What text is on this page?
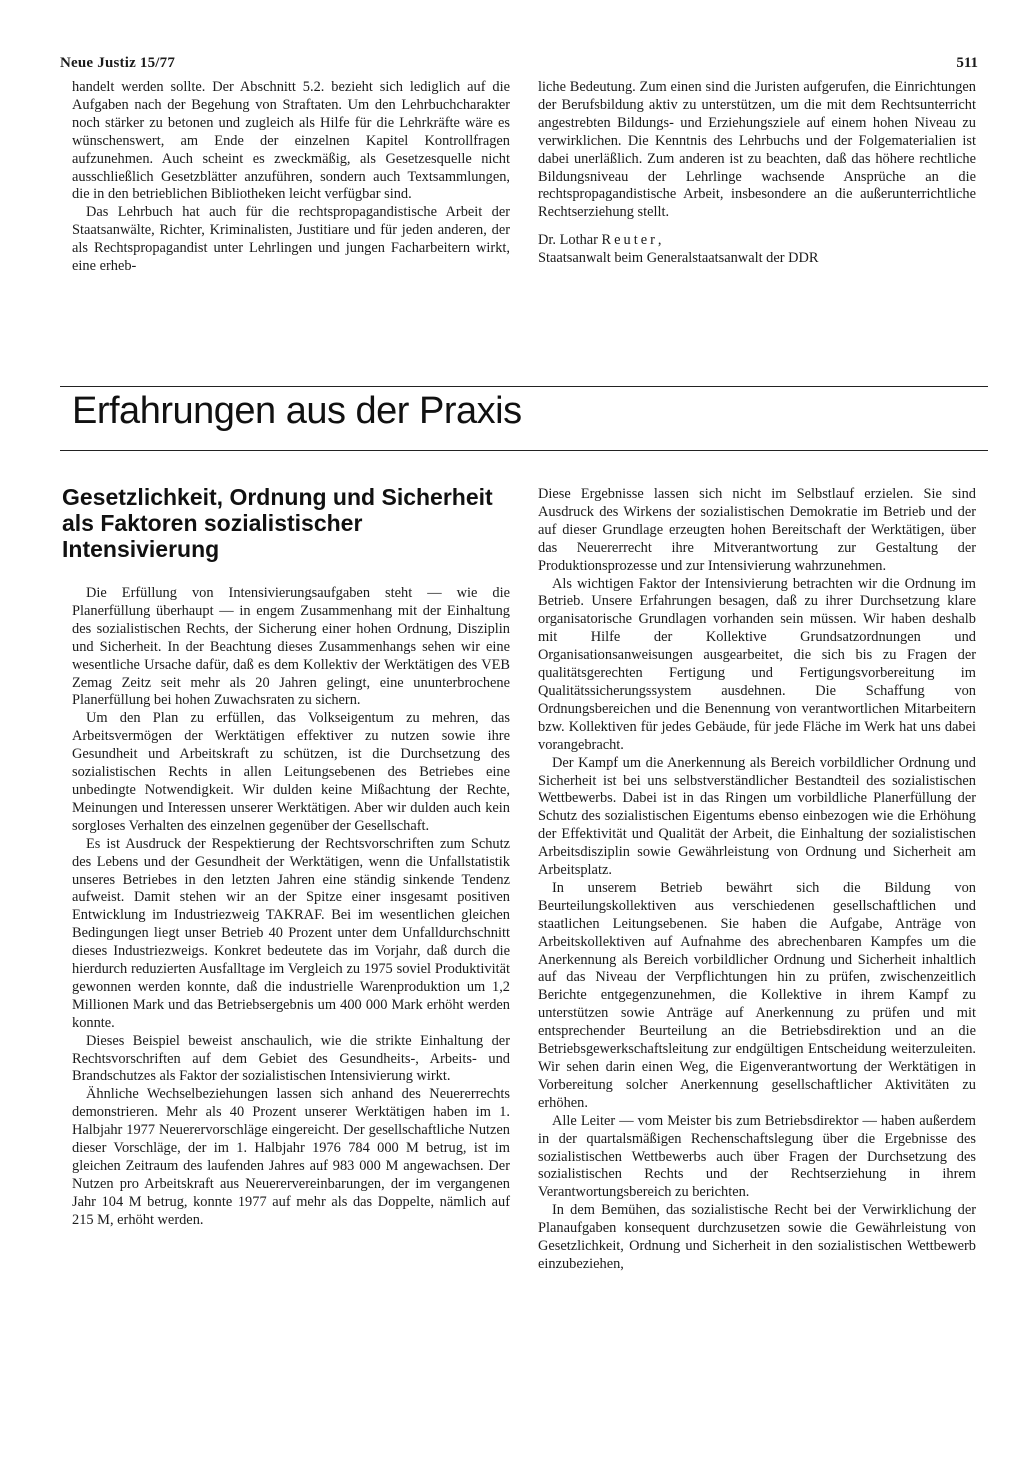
Neue Justiz 15/77	511

handelt werden sollte. Der Abschnitt 5.2. bezieht sich lediglich auf die Aufgaben nach der Begehung von Straftaten. Um den Lehrbuchcharakter noch stärker zu betonen und zugleich als Hilfe für die Lehrkräfte wäre es wünschenswert, am Ende der einzelnen Kapitel Kontrollfragen aufzunehmen. Auch scheint es zweckmäßig, als Gesetzesquelle nicht ausschließlich Gesetzblätter anzuführen, sondern auch Textsammlungen, die in den betrieblichen Bibliotheken leicht verfügbar sind.

Das Lehrbuch hat auch für die rechtspropagandistische Arbeit der Staatsanwälte, Richter, Kriminalisten, Justitiare und für jeden anderen, der als Rechtspropagandist unter Lehrlingen und jungen Facharbeitern wirkt, eine erheb-

liche Bedeutung. Zum einen sind die Juristen aufgerufen, die Einrichtungen der Berufsbildung aktiv zu unterstützen, um die mit dem Rechtsunterricht angestrebten Bildungs- und Erziehungsziele auf einem hohen Niveau zu verwirklichen. Die Kenntnis des Lehrbuchs und der Folgematerialien ist dabei unerläßlich. Zum anderen ist zu beachten, daß das höhere rechtliche Bildungsniveau der Lehrlinge wachsende Ansprüche an die rechtspropagandistische Arbeit, insbesondere an die außerunterrichtliche Rechtserziehung stellt.

Dr. Lothar Reuter,
Staatsanwalt beim Generalstaatsanwalt der DDR
Erfahrungen aus der Praxis
Gesetzlichkeit, Ordnung und Sicherheit
als Faktoren sozialistischer
Intensivierung

Die Erfüllung von Intensivierungsaufgaben steht — wie die Planerfüllung überhaupt — in engem Zusammenhang mit der Einhaltung des sozialistischen Rechts, der Sicherung einer hohen Ordnung, Disziplin und Sicherheit. In der Beachtung dieses Zusammenhangs sehen wir eine wesentliche Ursache dafür, daß es dem Kollektiv der Werktätigen des VEB Zemag Zeitz seit mehr als 20 Jahren gelingt, eine ununterbrochene Planerfüllung bei hohen Zuwachsraten zu sichern.

Um den Plan zu erfüllen, das Volkseigentum zu mehren, das Arbeitsvermögen der Werktätigen effektiver zu nutzen sowie ihre Gesundheit und Arbeitskraft zu schützen, ist die Durchsetzung des sozialistischen Rechts in allen Leitungsebenen des Betriebes eine unbedingte Notwendigkeit. Wir dulden keine Mißachtung der Rechte, Meinungen und Interessen unserer Werktätigen. Aber wir dulden auch kein sorgloses Verhalten des einzelnen gegenüber der Gesellschaft.

Es ist Ausdruck der Respektierung der Rechtsvorschriften zum Schutz des Lebens und der Gesundheit der Werktätigen, wenn die Unfallstatistik unseres Betriebes in den letzten Jahren eine ständig sinkende Tendenz aufweist. Damit stehen wir an der Spitze einer insgesamt positiven Entwicklung im Industriezweig TAKRAF. Bei im wesentlichen gleichen Bedingungen liegt unser Betrieb 40 Prozent unter dem Unfalldurchschnitt dieses Industriezweigs. Konkret bedeutete das im Vorjahr, daß durch die hierdurch reduzierten Ausfalltage im Vergleich zu 1975 soviel Produktivität gewonnen werden konnte, daß die industrielle Warenproduktion um 1,2 Millionen Mark und das Betriebsergebnis um 400 000 Mark erhöht werden konnte.

Dieses Beispiel beweist anschaulich, wie die strikte Einhaltung der Rechtsvorschriften auf dem Gebiet des Gesundheits-, Arbeits- und Brandschutzes als Faktor der sozialistischen Intensivierung wirkt.

Ähnliche Wechselbeziehungen lassen sich anhand des Neuererrechts demonstrieren. Mehr als 40 Prozent unserer Werktätigen haben im 1. Halbjahr 1977 Neuerervorschläge eingereicht. Der gesellschaftliche Nutzen dieser Vorschläge, der im 1. Halbjahr 1976 784 000 M betrug, ist im gleichen Zeitraum des laufenden Jahres auf 983 000 M angewachsen. Der Nutzen pro Arbeitskraft aus Neuerervereinbarungen, der im vergangenen Jahr 104 M betrug, konnte 1977 auf mehr als das Doppelte, nämlich auf 215 M, erhöht werden.

Diese Ergebnisse lassen sich nicht im Selbstlauf erzielen. Sie sind Ausdruck des Wirkens der sozialistischen Demokratie im Betrieb und der auf dieser Grundlage erzeugten hohen Bereitschaft der Werktätigen, über das Neuererrecht ihre Mitverantwortung zur Gestaltung der Produktionsprozesse und zur Intensivierung wahrzunehmen.

Als wichtigen Faktor der Intensivierung betrachten wir die Ordnung im Betrieb. Unsere Erfahrungen besagen, daß zu ihrer Durchsetzung klare organisatorische Grundlagen vorhanden sein müssen. Wir haben deshalb mit Hilfe der Kollektive Grundsatzordnungen und Organisationsanweisungen ausgearbeitet, die sich bis zu Fragen der qualitätsgerechten Fertigung und Fertigungsvorbereitung im Qualitätssicherungssystem ausdehnen. Die Schaffung von Ordnungsbereichen und die Benennung von verantwortlichen Mitarbeitern bzw. Kollektiven für jedes Gebäude, für jede Fläche im Werk hat uns dabei vorangebracht.

Der Kampf um die Anerkennung als Bereich vorbildlicher Ordnung und Sicherheit ist bei uns selbstverständlicher Bestandteil des sozialistischen Wettbewerbs. Dabei ist in das Ringen um vorbildliche Planerfüllung der Schutz des sozialistischen Eigentums ebenso einbezogen wie die Erhöhung der Effektivität und Qualität der Arbeit, die Einhaltung der sozialistischen Arbeitsdisziplin sowie Gewährleistung von Ordnung und Sicherheit am Arbeitsplatz.

In unserem Betrieb bewährt sich die Bildung von Beurteilungskollektiven aus verschiedenen gesellschaftlichen und staatlichen Leitungsebenen. Sie haben die Aufgabe, Anträge von Arbeitskollektiven auf Aufnahme des abrechenbaren Kampfes um die Anerkennung als Bereich vorbildlicher Ordnung und Sicherheit inhaltlich auf das Niveau der Verpflichtungen hin zu prüfen, zwischenzeitlich Berichte entgegenzunehmen, die Kollektive in ihrem Kampf zu unterstützen sowie Anträge auf Anerkennung zu prüfen und mit entsprechender Beurteilung an die Betriebsdirektion und an die Betriebsgewerkschaftsleitung zur endgültigen Entscheidung weiterzuleiten. Wir sehen darin einen Weg, die Eigenverantwortung der Werktätigen in Vorbereitung solcher Anerkennung gesellschaftlicher Aktivitäten zu erhöhen.

Alle Leiter — vom Meister bis zum Betriebsdirektor — haben außerdem in der quartalsmäßigen Rechenschaftslegung über die Ergebnisse des sozialistischen Wettbewerbs auch über Fragen der Durchsetzung des sozialistischen Rechts und der Rechtserziehung in ihrem Verantwortungsbereich zu berichten.

In dem Bemühen, das sozialistische Recht bei der Verwirklichung der Planaufgaben konsequent durchzusetzen sowie die Gewährleistung von Gesetzlichkeit, Ordnung und Sicherheit in den sozialistischen Wettbewerb einzubeziehen,
